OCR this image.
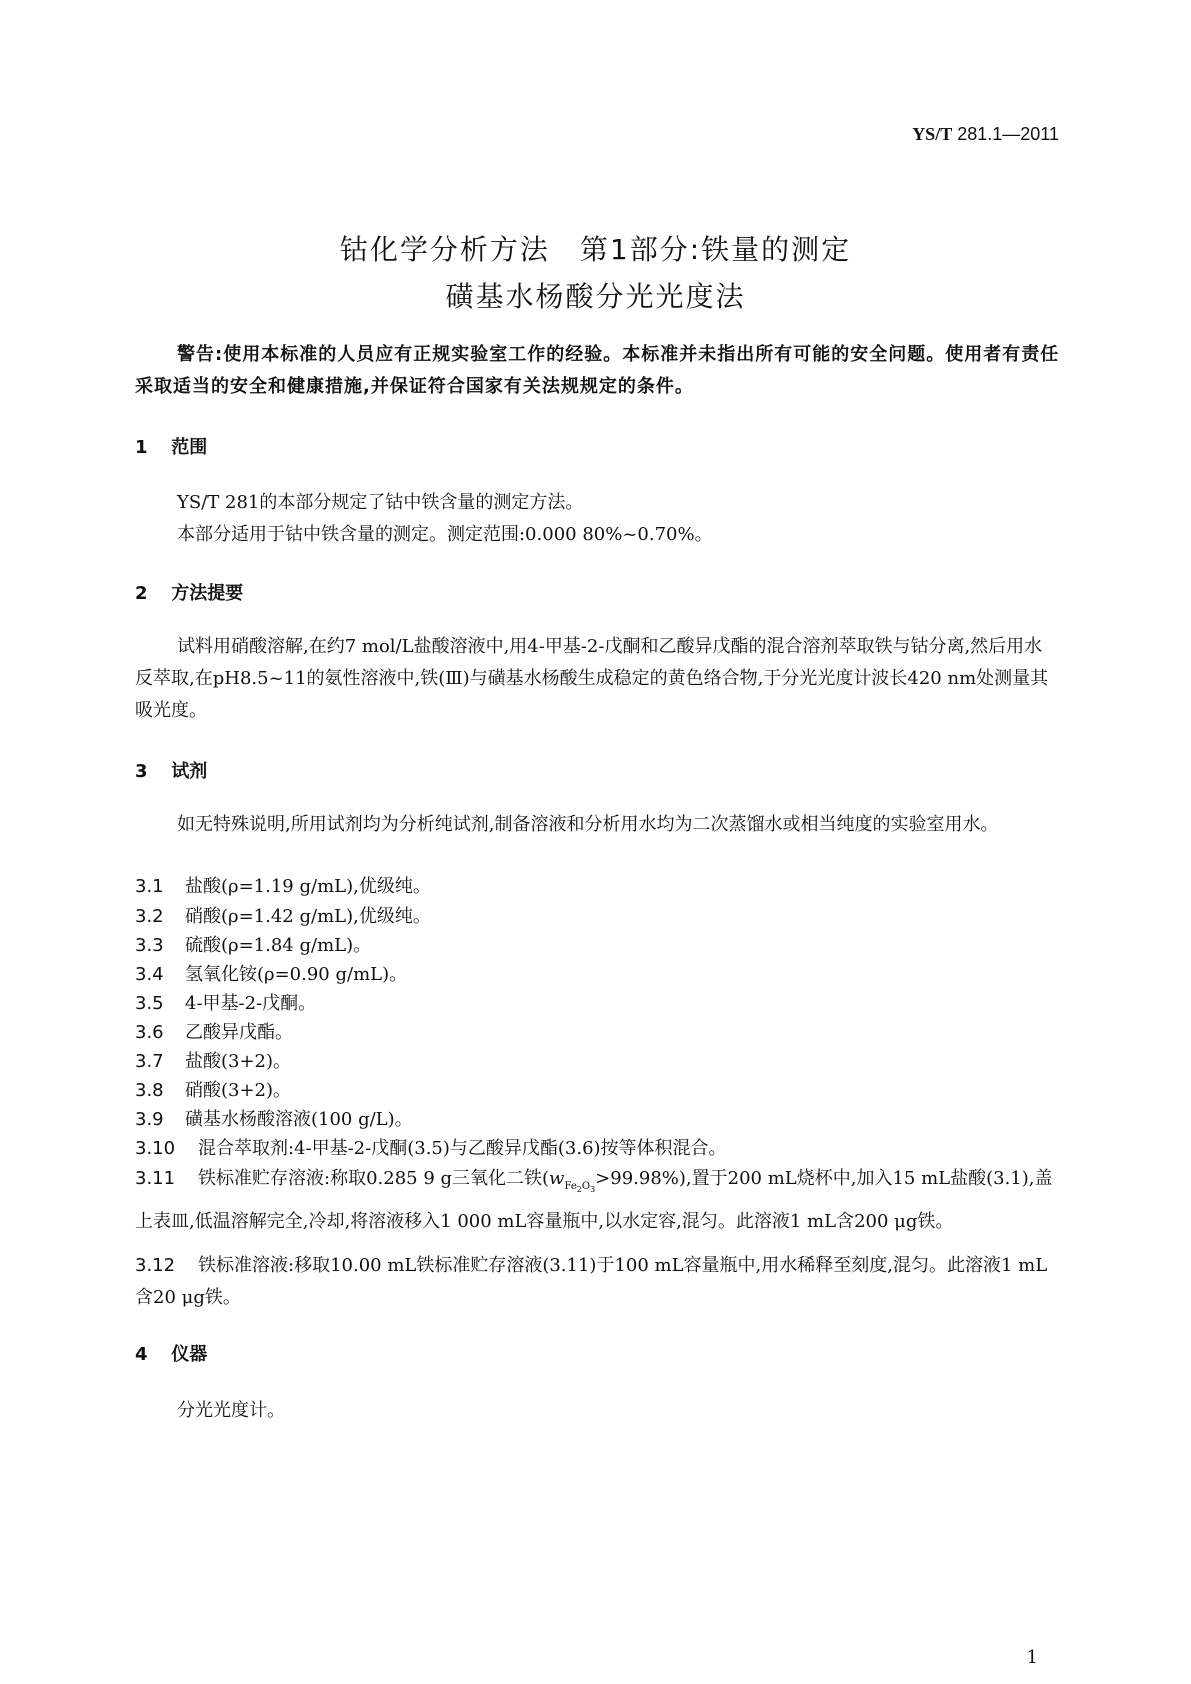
YS/T 281.1—2011
钴化学分析方法　第1部分:铁量的测定
磺基水杨酸分光光度法
警告:使用本标准的人员应有正规实验室工作的经验。本标准并未指出所有可能的安全问题。使用者有责任采取适当的安全和健康措施,并保证符合国家有关法规规定的条件。
1 范围
YS/T 281的本部分规定了钴中铁含量的测定方法。
本部分适用于钴中铁含量的测定。测定范围:0.000 80%~0.70%。
2 方法提要
试料用硝酸溶解,在约7 mol/L盐酸溶液中,用4-甲基-2-戊酮和乙酸异戊酯的混合溶剂萃取铁与钴分离,然后用水反萃取,在pH8.5~11的氨性溶液中,铁(Ⅲ)与磺基水杨酸生成稳定的黄色络合物,于分光光度计波长420 nm处测量其吸光度。
3 试剂
如无特殊说明,所用试剂均为分析纯试剂,制备溶液和分析用水均为二次蒸馏水或相当纯度的实验室用水。
3.1 盐酸(ρ=1.19 g/mL),优级纯。
3.2 硝酸(ρ=1.42 g/mL),优级纯。
3.3 硫酸(ρ=1.84 g/mL)。
3.4 氢氧化铵(ρ=0.90 g/mL)。
3.5 4-甲基-2-戊酮。
3.6 乙酸异戊酯。
3.7 盐酸(3+2)。
3.8 硝酸(3+2)。
3.9 磺基水杨酸溶液(100 g/L)。
3.10 混合萃取剂:4-甲基-2-戊酮(3.5)与乙酸异戊酯(3.6)按等体积混合。
3.11 铁标准贮存溶液:称取0.285 9 g三氧化二铁$(w_{Fe_2O_3}>99.98\%)$,置于200 mL烧杯中,加入15 mL盐酸(3.1),盖上表皿,低温溶解完全,冷却,将溶液移入1 000 mL容量瓶中,以水定容,混匀。此溶液1 mL含200 μg铁。
3.12 铁标准溶液:移取10.00 mL铁标准贮存溶液(3.11)于100 mL容量瓶中,用水稀释至刻度,混匀。此溶液1 mL含20 μg铁。
4 仪器
分光光度计。
1
